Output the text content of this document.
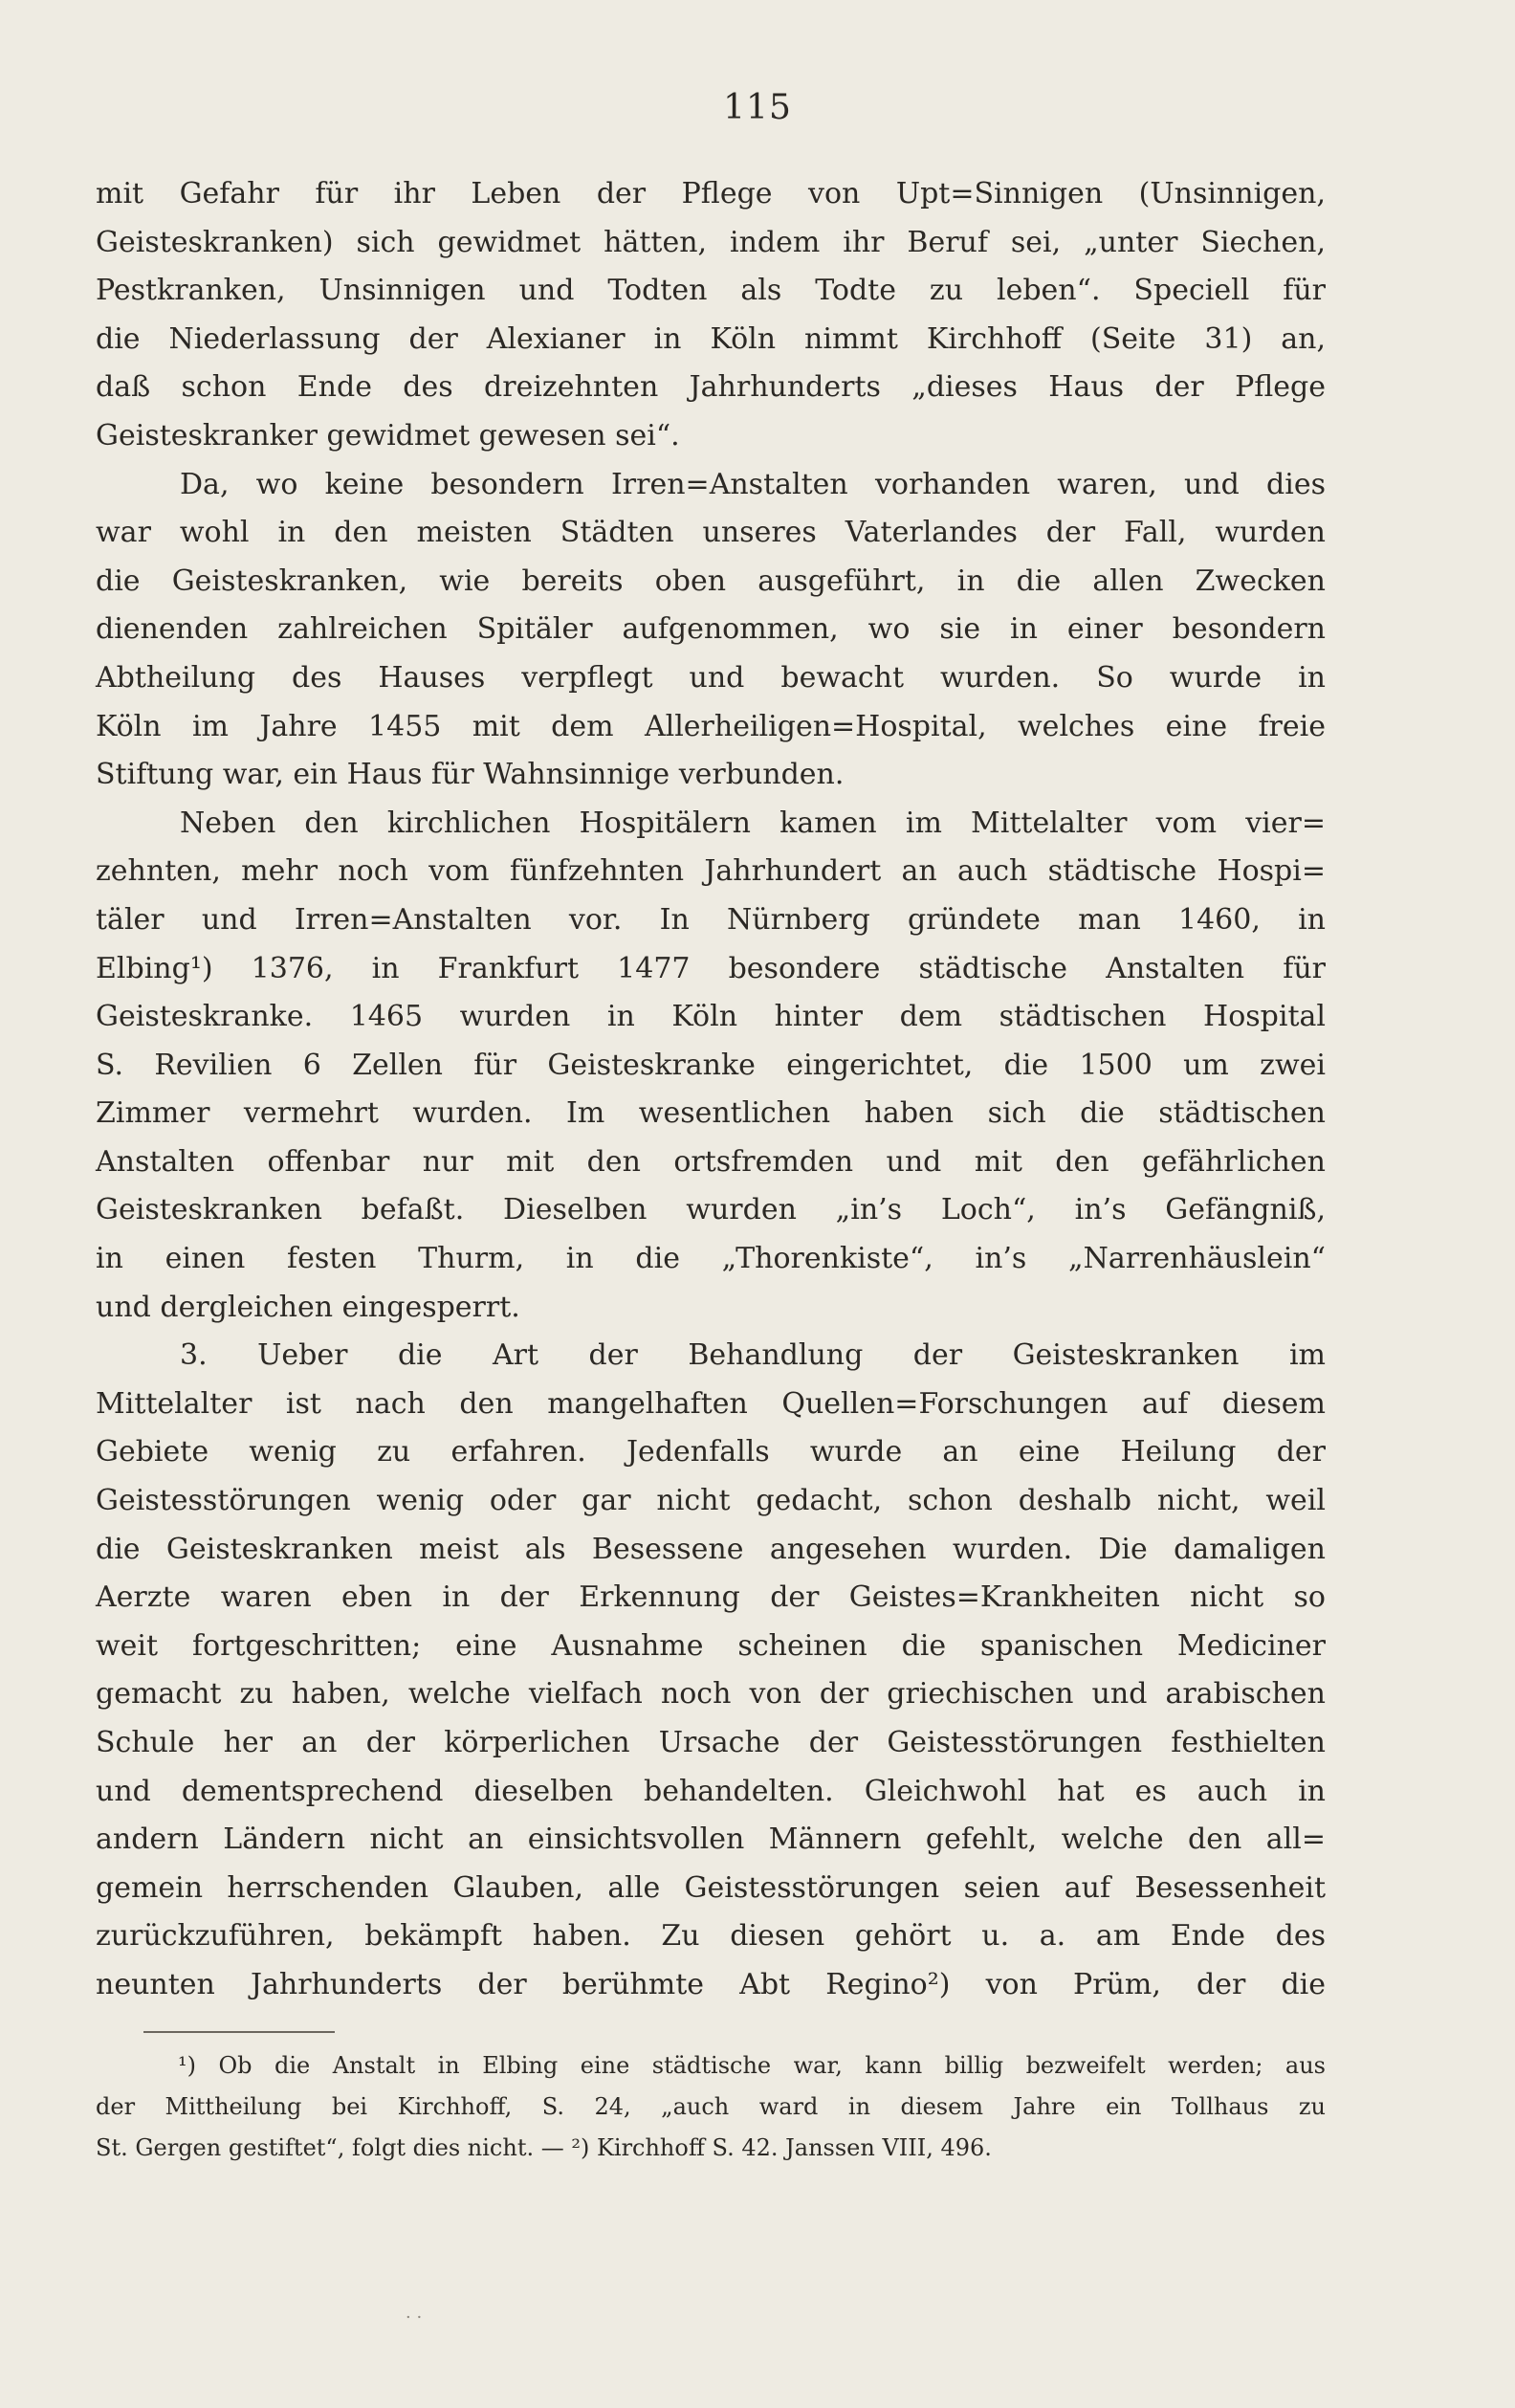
115
mit Gefahr für ihr Leben der Pflege von Upt=Sinnigen (Unsinnigen,
Geisteskranken) sich gewidmet hätten, indem ihr Beruf sei, „unter Siechen,
Pestkranken, Unsinnigen und Todten als Todte zu leben“. Speciell für
die Niederlassung der Alexianer in Köln nimmt Kirchhoff (Seite 31) an,
daß schon Ende des dreizehnten Jahrhunderts „dieses Haus der Pflege
Geisteskranker gewidmet gewesen sei“.
Da, wo keine besondern Irren=Anstalten vorhanden waren, und dies
war wohl in den meisten Städten unseres Vaterlandes der Fall, wurden
die Geisteskranken, wie bereits oben ausgeführt, in die allen Zwecken
dienenden zahlreichen Spitäler aufgenommen, wo sie in einer besondern
Abtheilung des Hauses verpflegt und bewacht wurden. So wurde in
Köln im Jahre 1455 mit dem Allerheiligen=Hospital, welches eine freie
Stiftung war, ein Haus für Wahnsinnige verbunden.
Neben den kirchlichen Hospitälern kamen im Mittelalter vom vier=
zehnten, mehr noch vom fünfzehnten Jahrhundert an auch städtische Hospi=
täler und Irren=Anstalten vor. In Nürnberg gründete man 1460, in
Elbing¹) 1376, in Frankfurt 1477 besondere städtische Anstalten für
Geisteskranke. 1465 wurden in Köln hinter dem städtischen Hospital
S. Revilien 6 Zellen für Geisteskranke eingerichtet, die 1500 um zwei
Zimmer vermehrt wurden. Im wesentlichen haben sich die städtischen
Anstalten offenbar nur mit den ortsfremden und mit den gefährlichen
Geisteskranken befaßt. Dieselben wurden „in’s Loch“, in’s Gefängniß,
in einen festen Thurm, in die „Thorenkiste“, in’s „Narrenhäuslein“
und dergleichen eingesperrt.
3. Ueber die Art der Behandlung der Geisteskranken im
Mittelalter ist nach den mangelhaften Quellen=Forschungen auf diesem
Gebiete wenig zu erfahren. Jedenfalls wurde an eine Heilung der
Geistesstörungen wenig oder gar nicht gedacht, schon deshalb nicht, weil
die Geisteskranken meist als Besessene angesehen wurden. Die damaligen
Aerzte waren eben in der Erkennung der Geistes=Krankheiten nicht so
weit fortgeschritten; eine Ausnahme scheinen die spanischen Mediciner
gemacht zu haben, welche vielfach noch von der griechischen und arabischen
Schule her an der körperlichen Ursache der Geistesstörungen festhielten
und dementsprechend dieselben behandelten. Gleichwohl hat es auch in
andern Ländern nicht an einsichtsvollen Männern gefehlt, welche den all=
gemein herrschenden Glauben, alle Geistesstörungen seien auf Besessenheit
zurückzuführen, bekämpft haben. Zu diesen gehört u. a. am Ende des
neunten Jahrhunderts der berühmte Abt Regino²) von Prüm, der die
¹) Ob die Anstalt in Elbing eine städtische war, kann billig bezweifelt werden; aus
der Mittheilung bei Kirchhoff, S. 24, „auch ward in diesem Jahre ein Tollhaus zu
St. Gergen gestiftet“, folgt dies nicht. — ²) Kirchhoff S. 42. Janssen VIII, 496.
· ·
